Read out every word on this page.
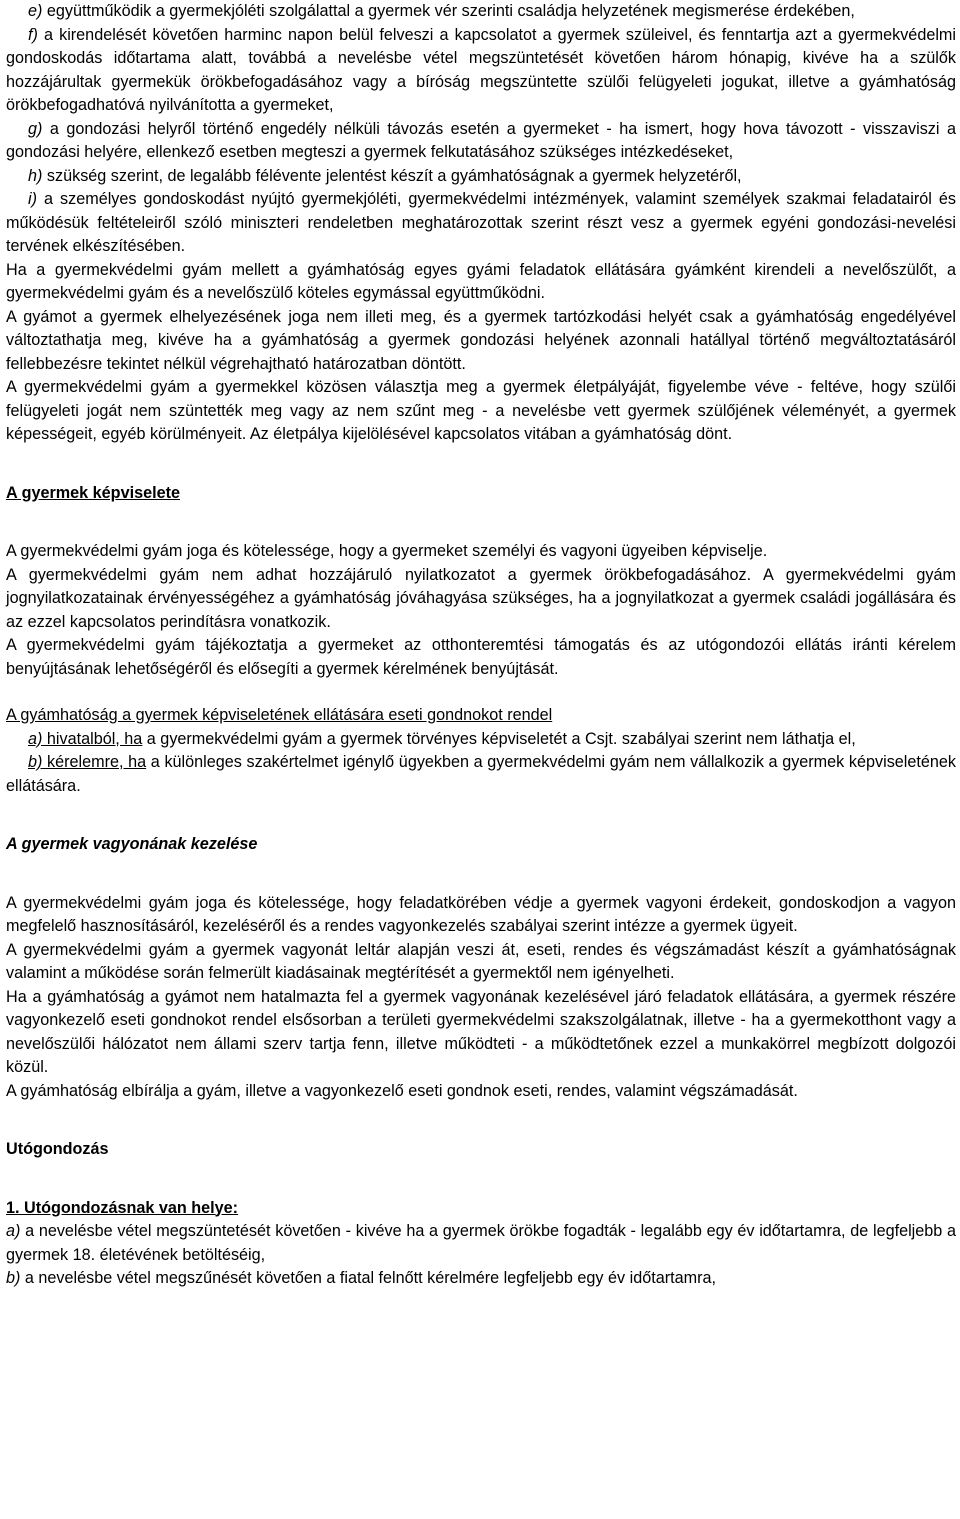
e) együttműködik a gyermekjóléti szolgálattal a gyermek vér szerinti családja helyzetének megismerése érdekében,

f) a kirendelését követően harminc napon belül felveszi a kapcsolatot a gyermek szüleivel, és fenntartja azt a gyermekvédelmi gondoskodás időtartama alatt, továbbá a nevelésbe vétel megszüntetését követően három hónapig, kivéve ha a szülők hozzájárultak gyermekük örökbefogadásához vagy a bíróság megszüntette szülői felügyeleti jogukat, illetve a gyámhatóság örökbefogadhatóvá nyilvánította a gyermeket,

g) a gondozási helyről történő engedély nélküli távozás esetén a gyermeket - ha ismert, hogy hova távozott - visszaviszi a gondozási helyére, ellenkező esetben megteszi a gyermek felkutatásához szükséges intézkedéseket,

h) szükség szerint, de legalább félévente jelentést készít a gyámhatóságnak a gyermek helyzetéről,

i) a személyes gondoskodást nyújtó gyermekjóléti, gyermekvédelmi intézmények, valamint személyek szakmai feladatairól és működésük feltételeiről szóló miniszteri rendeletben meghatározottak szerint részt vesz a gyermek egyéni gondozási-nevelési tervének elkészítésében.

Ha a gyermekvédelmi gyám mellett a gyámhatóság egyes gyámi feladatok ellátására gyámként kirendeli a nevelőszülőt, a gyermekvédelmi gyám és a nevelőszülő köteles egymással együttműködni.

A gyámot a gyermek elhelyezésének joga nem illeti meg, és a gyermek tartózkodási helyét csak a gyámhatóság engedélyével változtathatja meg, kivéve ha a gyámhatóság a gyermek gondozási helyének azonnali hatállyal történő megváltoztatásáról fellebbezésre tekintet nélkül végrehajtható határozatban döntött.

A gyermekvédelmi gyám a gyermekkel közösen választja meg a gyermek életpályáját, figyelembe véve - feltéve, hogy szülői felügyeleti jogát nem szüntették meg vagy az nem szűnt meg - a nevelésbe vett gyermek szülőjének véleményét, a gyermek képességeit, egyéb körülményeit. Az életpálya kijelölésével kapcsolatos vitában a gyámhatóság dönt.

A gyermek képviselete

A gyermekvédelmi gyám joga és kötelessége, hogy a gyermeket személyi és vagyoni ügyeiben képviselje.

A gyermekvédelmi gyám nem adhat hozzájáruló nyilatkozatot a gyermek örökbefogadásához. A gyermekvédelmi gyám jognyilatkozatainak érvényességéhez a gyámhatóság jóváhagyása szükséges, ha a jognyilatkozat a gyermek családi jogállására és az ezzel kapcsolatos perindításra vonatkozik.

A gyermekvédelmi gyám tájékoztatja a gyermeket az otthonteremtési támogatás és az utógondozói ellátás iránti kérelem benyújtásának lehetőségéről és elősegíti a gyermek kérelmének benyújtását.

A gyámhatóság a gyermek képviseletének ellátására eseti gondnokot rendel

a) hivatalból, ha a gyermekvédelmi gyám a gyermek törvényes képviseletét a Csjt. szabályai szerint nem láthatja el,

b) kérelemre, ha a különleges szakértelmet igénylő ügyekben a gyermekvédelmi gyám nem vállalkozik a gyermek képviseletének ellátására.

A gyermek vagyonának kezelése

A gyermekvédelmi gyám joga és kötelessége, hogy feladatkörében védje a gyermek vagyoni érdekeit, gondoskodjon a vagyon megfelelő hasznosításáról, kezeléséről és a rendes vagyonkezelés szabályai szerint intézze a gyermek ügyeit.

A gyermekvédelmi gyám a gyermek vagyonát leltár alapján veszi át, eseti, rendes és végszámadást készít a gyámhatóságnak valamint a működése során felmerült kiadásainak megtérítését a gyermektől nem igényelheti.

Ha a gyámhatóság a gyámot nem hatalmazta fel a gyermek vagyonának kezelésével járó feladatok ellátására, a gyermek részére vagyonkezelő eseti gondnokot rendel elsősorban a területi gyermekvédelmi szakszolgálatnak, illetve - ha a gyermekotthont vagy a nevelőszülői hálózatot nem állami szerv tartja fenn, illetve működteti - a működtetőnek ezzel a munkakörrel megbízott dolgozói közül.

A gyámhatóság elbírálja a gyám, illetve a vagyonkezelő eseti gondnok eseti, rendes, valamint végszámadását.

Utógondozás

1. Utógondozásnak van helye:

a) a nevelésbe vétel megszüntetését követően - kivéve ha a gyermek örökbe fogadták - legalább egy év időtartamra, de legfeljebb a gyermek 18. életévének betöltéséig,

b) a nevelésbe vétel megszűnését követően a fiatal felnőtt kérelmére legfeljebb egy év időtartamra,
